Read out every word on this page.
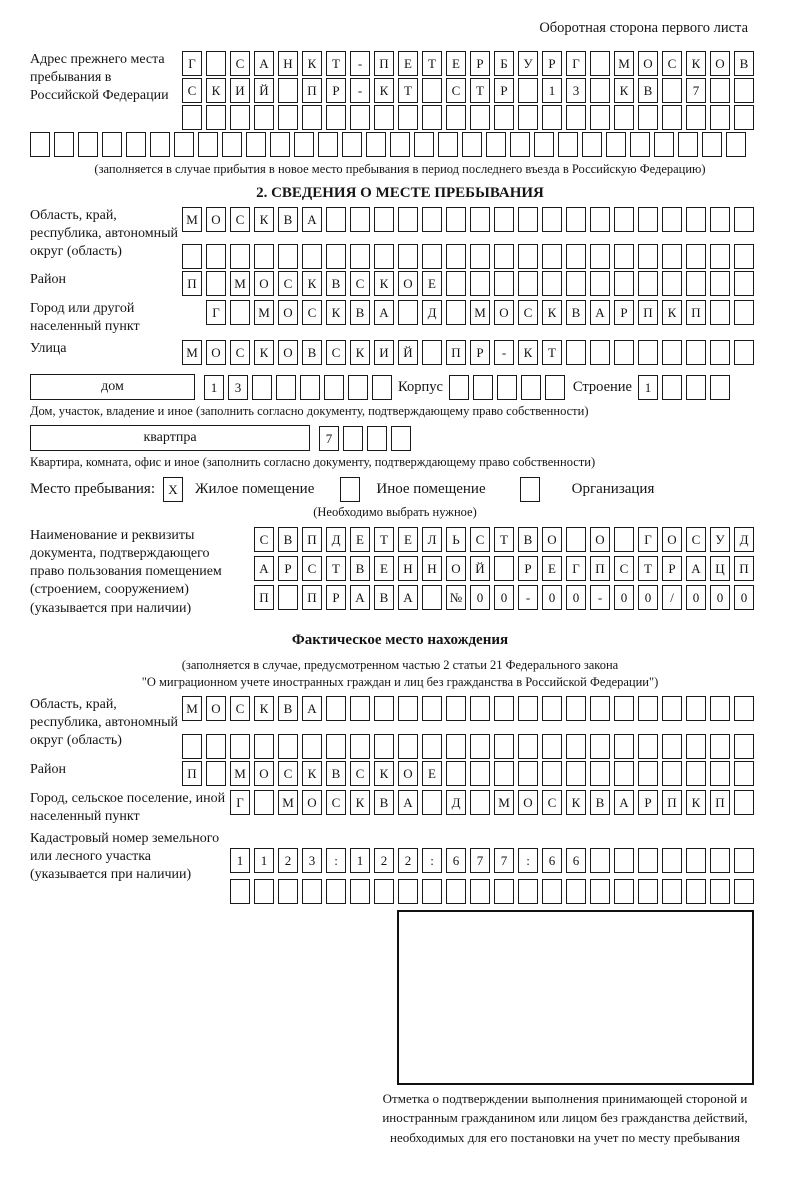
Оборотная сторона первого листа
Адрес прежнего места пребывания в Российской Федерации
Г	С	А	Н	К	Т	-	П	Е	Т	Е	Р	Б	У	Р	Г	М	О	С	К	О	В
С	К	И	Й	П	Р	-	К	Т	С	Т	Р	1	3	К	В	7
(заполняется в случае прибытия в новое место пребывания в период последнего въезда в Российскую Федерацию)
2. СВЕДЕНИЯ О МЕСТЕ ПРЕБЫВАНИЯ
Область, край, республика, автономный округ (область)
М	О	С	К	В	А
Район	П	М	О	С	К	В	С	К	О	Е
Город или другой населенный пункт
Г	М	О	С	К	В	А	Д	М	О	С	К	В	А	Р	П	К	П
Улица	М	О	С	К	О	В	С	К	И	Й	П	Р	-	К	Т
дом	1	3	Корпус	Строение 1
Дом, участок, владение и иное (заполнить согласно документу, подтверждающему право собственности)
квартпра	7
Квартира, комната, офис и иное (заполнить согласно документу, подтверждающему право собственности)
Место пребывания:	X	Жилое помещение	Иное помещение	Организация
(Необходимо выбрать нужное)
Наименование и реквизиты документа, подтверждающего право пользования помещением (строением, сооружением) (указывается при наличии)
С	В	П	Д	Е	Т	Е	Л	Ь	С	Т	В	О	О	Г	О	С	У	Д
А	Р	С	Т	В	Е	Н	Н	О	Й	Р	Е	Г	П	С	Т	Р	А	Ц	П
П	П	Р	А	В	А	№	0	0	-	0	0	-	0	0	/	0	0	0
Фактическое место нахождения
(заполняется в случае, предусмотренном частью 2 статьи 21 Федерального закона
"О миграционном учете иностранных граждан и лиц без гражданства в Российской Федерации")
Область, край, республика, автономный округ (область)
М	О	С	К	В	А
Район	П	М	О	С	К	В	С	К	О	Е
Город, сельское поселение, иной населенный пункт
Г	М	О	С	К	В	А	Д	М	О	С	К	В	А	Р	П	К	П
Кадастровый номер земельного или лесного участка (указывается при наличии)
1	1	2	3	:	1	2	2	:	6	7	7	:	6	6
Отметка о подтверждении выполнения принимающей стороной и иностранным гражданином или лицом без гражданства действий, необходимых для его постановки на учет по месту пребывания
